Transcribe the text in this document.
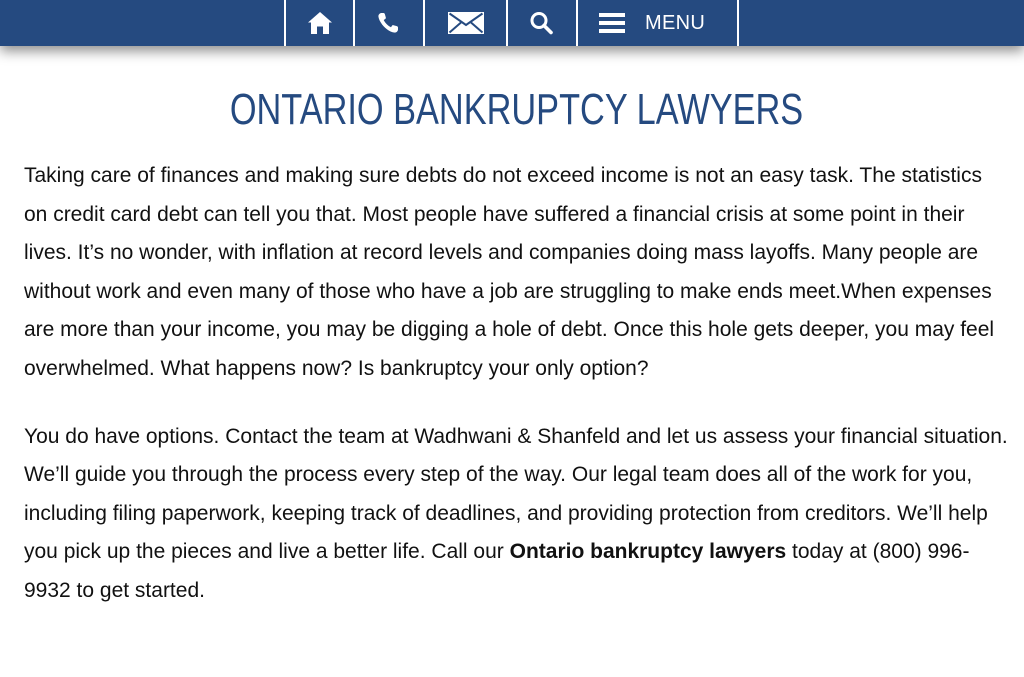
MENU
ONTARIO BANKRUPTCY LAWYERS

Taking care of finances and making sure debts do not exceed income is not an easy task. The statistics on credit card debt can tell you that. Most people have suffered a financial crisis at some point in their lives. It’s no wonder, with inflation at record levels and companies doing mass layoffs. Many people are without work and even many of those who have a job are struggling to make ends meet.When expenses are more than your income, you may be digging a hole of debt. Once this hole gets deeper, you may feel overwhelmed. What happens now? Is bankruptcy your only option?

You do have options. Contact the team at Wadhwani & Shanfeld and let us assess your financial situation. We’ll guide you through the process every step of the way. Our legal team does all of the work for you, including filing paperwork, keeping track of deadlines, and providing protection from creditors. We’ll help you pick up the pieces and live a better life. Call our Ontario bankruptcy lawyers today at (800) 996-9932 to get started.
